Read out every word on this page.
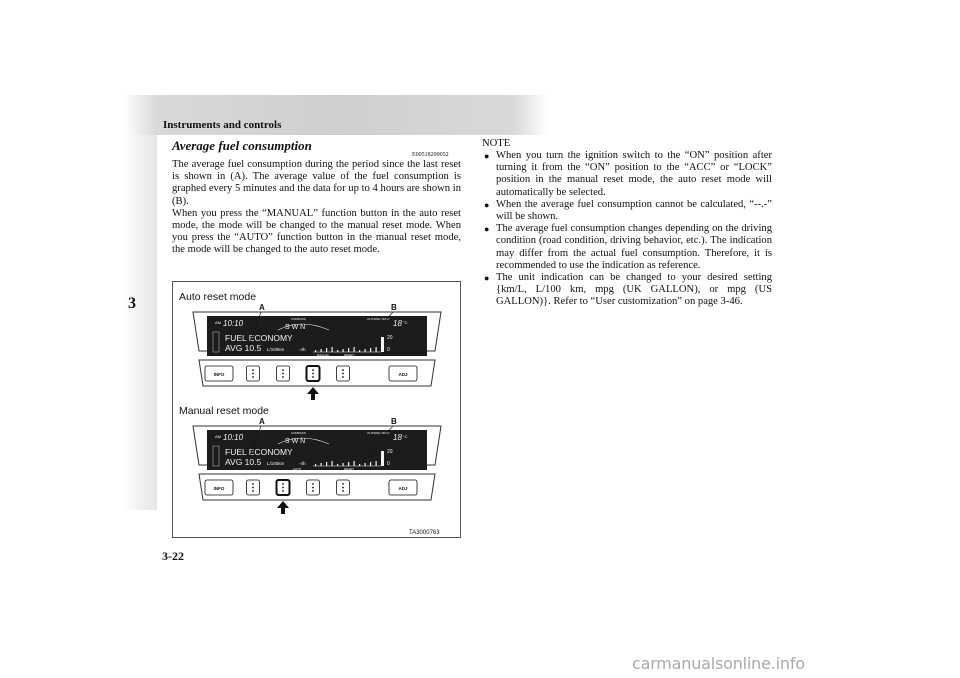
Instruments and controls
3
Average fuel consumption
E00518200052

The average fuel consumption during the period since the last reset is shown in (A). The average value of the fuel consumption is graphed every 5 minutes and the data for up to 4 hours are shown in (B).

When you press the “MANUAL” function button in the auto reset mode, the mode will be changed to the manual reset mode. When you press the “AUTO” function button in the manual reset mode, the mode will be changed to the auto reset mode.

Auto reset mode
AM 10:10	COMPASS
S W N
OUTSIDE TEMP 18 °C
FUEL ECONOMY
AVG 10.5 L/100km	-4h
20
0
MANUAL	RESET
INFO	ADJ
A	B
Manual reset mode
AM 10:10	COMPASS
S W N
OUTSIDE TEMP 18 °C
FUEL ECONOMY
AVG 10.5 L/100km	-4h
20
0
AUTO	RESET
INFO	ADJ
A	B
TA3000763
NOTE
● When you turn the ignition switch to the “ON” position after turning it from the “ON” position to the “ACC” or “LOCK” position in the manual reset mode, the auto reset mode will automatically be selected.
● When the average fuel consumption cannot be calculated, “--.-” will be shown.
● The average fuel consumption changes depending on the driving condition (road condition, driving behavior, etc.). The indication may differ from the actual fuel consumption. Therefore, it is recommended to use the indication as reference.
● The unit indication can be changed to your desired setting {km/L, L/100 km, mpg (UK GALLON), or mpg (US GALLON)}. Refer to “User customization” on page 3-46.
3-22
carmanualsonline.info
